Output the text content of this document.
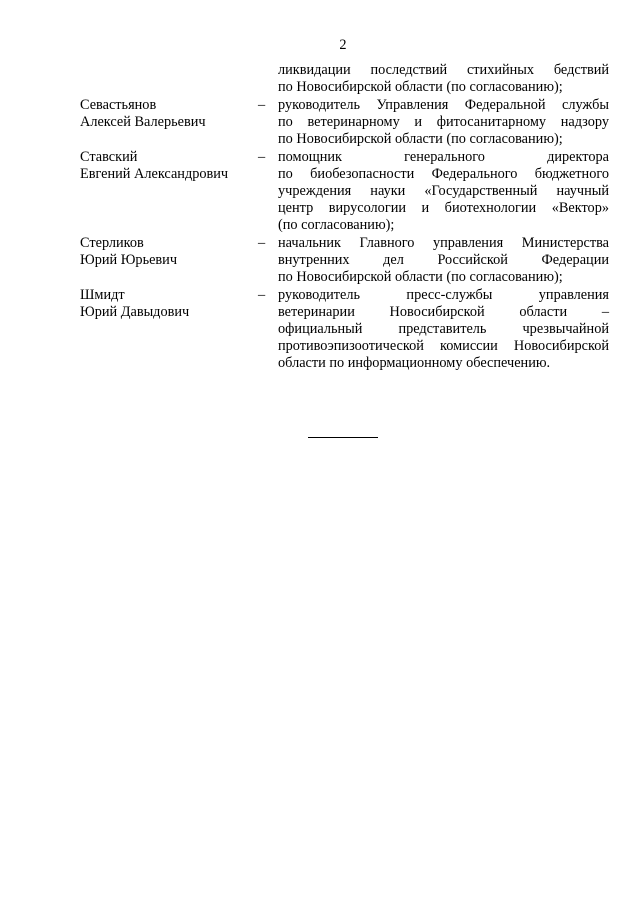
2
ликвидации последствий стихийных бедствий
по Новосибирской области (по согласованию);
Севастьянов
Алексей Валерьевич
– руководитель Управления Федеральной службы
по ветеринарному и фитосанитарному надзору
по Новосибирской области (по согласованию);
Ставский
Евгений Александрович
– помощник генерального директора
по биобезопасности Федерального бюджетного
учреждения науки «Государственный научный
центр вирусологии и биотехнологии «Вектор»
(по согласованию);
Стерликов
Юрий Юрьевич
– начальник Главного управления Министерства
внутренних дел Российской Федерации
по Новосибирской области (по согласованию);
Шмидт
Юрий Давыдович
– руководитель пресс-службы управления
ветеринарии Новосибирской области –
официальный представитель чрезвычайной
противоэпизоотической комиссии Новосибирской
области по информационному обеспечению.
